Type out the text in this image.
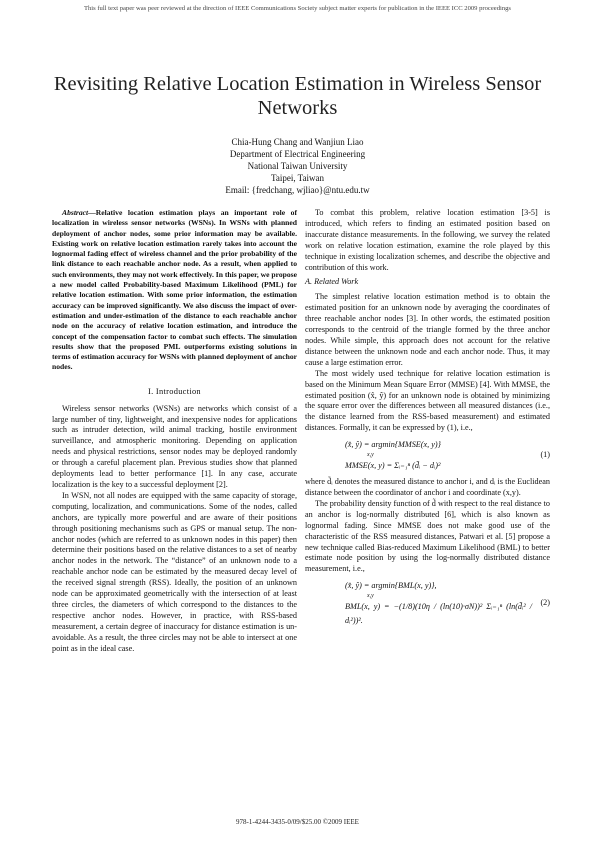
This full text paper was peer reviewed at the direction of IEEE Communications Society subject matter experts for publication in the IEEE ICC 2009 proceedings
Revisiting Relative Location Estimation in Wireless Sensor Networks
Chia-Hung Chang and Wanjiun Liao
Department of Electrical Engineering
National Taiwan University
Taipei, Taiwan
Email: {fredchang, wjliao}@ntu.edu.tw

Abstract—Relative location estimation plays an important role of localization in wireless sensor networks (WSNs). In WSNs with planned deployment of anchor nodes, some prior information may be available. Existing work on relative location estimation rarely takes into account the lognormal fading effect of wireless channel and the prior probability of the link distance to each reachable anchor node. As a result, when applied to such environments, they may not work effectively. In this paper, we propose a new model called Probability-based Maximum Likelihood (PML) for relative location estimation. With some prior information, the estimation accuracy can be improved significantly. We also discuss the impact of over-estimation and under-estimation of the distance to each reachable anchor node on the accuracy of relative location estimation, and introduce the concept of the compensation factor to combat such effects. The simulation results show that the proposed PML outperforms existing solutions in terms of estimation accuracy for WSNs with planned deployment of anchor nodes.

I. Introduction

Wireless sensor networks (WSNs) are networks which consist of a large number of tiny, lightweight, and inexpensive nodes for applications such as intruder detection, wild animal tracking, hostile environment surveillance, and atmospheric monitoring. Depending on application needs and physical restrictions, sensor nodes may be deployed randomly or through a careful placement plan. Previous studies show that planned deployments lead to better performance [1]. In any case, accurate localization is the key to a successful deployment [2].

In WSN, not all nodes are equipped with the same capacity of storage, computing, localization, and communications. Some of the nodes, called anchors, are typically more powerful and are aware of their positions through positioning mechanisms such as GPS or manual setup. The non-anchor nodes (which are referred to as unknown nodes in this paper) then determine their positions based on the relative distances to a set of nearby anchor nodes in the network. The “distance” of an unknown node to a reachable anchor node can be estimated by the measured decay level of the received signal strength (RSS). Ideally, the position of an unknown node can be approximated geometrically with the intersection of at least three circles, the diameters of which correspond to the distances to the respective anchor nodes. However, in practice, with RSS-based measurement, a certain degree of inaccuracy for distance estimation is un-avoidable. As a result, the three circles may not be able to intersect at one point as in the ideal case.

To combat this problem, relative location estimation [3-5] is introduced, which refers to finding an estimated position based on inaccurate distance measurements. In the following, we survey the related work on relative location estimation, examine the role played by this technique in existing localization schemes, and describe the objective and contribution of this work.

A. Related Work

The simplest relative location estimation method is to obtain the estimated position for an unknown node by averaging the coordinates of three reachable anchor nodes [3]. In other words, the estimated position corresponds to the centroid of the triangle formed by the three anchor nodes. While simple, this approach does not account for the relative distance between the unknown node and each anchor node. Thus, it may cause a large estimation error.

The most widely used technique for relative location estimation is based on the Minimum Mean Square Error (MMSE) [4]. With MMSE, the estimated position (x̂, ŷ) for an unknown node is obtained by minimizing the square error over the differences between all measured distances (i.e., the distance learned from the RSS-based measurement) and estimated distances. Formally, it can be expressed by (1), i.e.,

(x̂, ŷ) = argmin{MMSE(x, y)}
x,y
MMSE(x, y) = Σᵢ₌₁ⁿ (d̃ᵢ − dᵢ)²
(1)

where d̃ᵢ denotes the measured distance to anchor i, and dᵢ is the Euclidean distance between the coordinator of anchor i and coordinate (x,y).

The probability density function of d̃ with respect to the real distance to an anchor is log-normally distributed [6], which is also known as lognormal fading. Since MMSE does not make good use of the characteristic of the RSS measured distances, Patwari et al. [5] propose a new technique called Bias-reduced Maximum Likelihood (BML) to better estimate node position by using the log-normally distributed distance measurement, i.e.,

(x̂, ŷ) = argmin{BML(x, y)},
x,y
BML(x, y) = −(1/8)(10η / (ln(10)·σN))² Σᵢ₌₁ⁿ (ln(d̃ᵢ² / dᵢ²))².
(2)
978-1-4244-3435-0/09/$25.00 ©2009 IEEE
